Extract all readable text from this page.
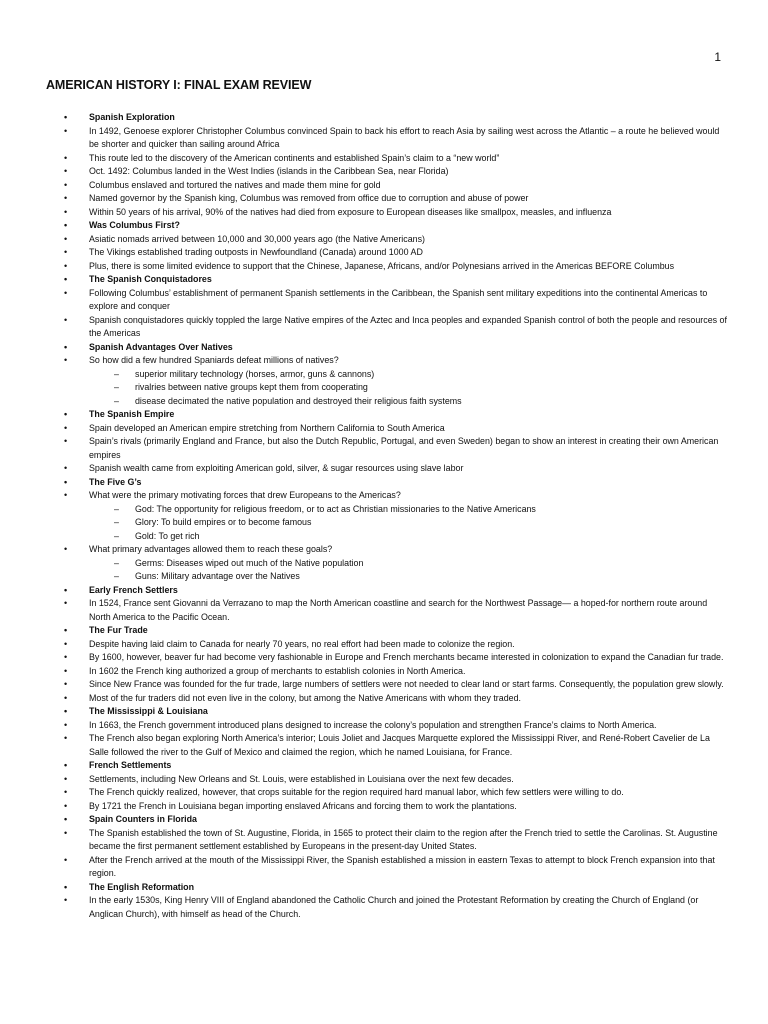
1
AMERICAN HISTORY I: FINAL EXAM REVIEW
• Spanish Exploration
• In 1492, Genoese explorer Christopher Columbus convinced Spain to back his effort to reach Asia by sailing west across the Atlantic – a route he believed would be shorter and quicker than sailing around Africa
• This route led to the discovery of the American continents and established Spain’s claim to a “new world”
• Oct. 1492: Columbus landed in the West Indies (islands in the Caribbean Sea, near Florida)
• Columbus enslaved and tortured the natives and made them mine for gold
• Named governor by the Spanish king, Columbus was removed from office due to corruption and abuse of power
• Within 50 years of his arrival, 90% of the natives had died from exposure to European diseases like smallpox, measles, and influenza
• Was Columbus First?
• Asiatic nomads arrived between 10,000 and 30,000 years ago (the Native Americans)
• The Vikings established trading outposts in Newfoundland (Canada) around 1000 AD
• Plus, there is some limited evidence to support that the Chinese, Japanese, Africans, and/or Polynesians arrived in the Americas BEFORE Columbus
• The Spanish Conquistadores
• Following Columbus’ establishment of permanent Spanish settlements in the Caribbean, the Spanish sent military expeditions into the continental Americas to explore and conquer
• Spanish conquistadores quickly toppled the large Native empires of the Aztec and Inca peoples and expanded Spanish control of both the people and resources of the Americas
• Spanish Advantages Over Natives
• So how did a few hundred Spaniards defeat millions of natives?
– superior military technology (horses, armor, guns & cannons)
– rivalries between native groups kept them from cooperating
– disease decimated the native population and destroyed their religious faith systems
• The Spanish Empire
• Spain developed an American empire stretching from Northern California to South America
• Spain’s rivals (primarily England and France, but also the Dutch Republic, Portugal, and even Sweden) began to show an interest in creating their own American empires
• Spanish wealth came from exploiting American gold, silver, & sugar resources using slave labor
• The Five G’s
• What were the primary motivating forces that drew Europeans to the Americas?
– God: The opportunity for religious freedom, or to act as Christian missionaries to the Native Americans
– Glory: To build empires or to become famous
– Gold: To get rich
• What primary advantages allowed them to reach these goals?
– Germs: Diseases wiped out much of the Native population
– Guns: Military advantage over the Natives
• Early French Settlers
• In 1524, France sent Giovanni da Verrazano to map the North American coastline and search for the Northwest Passage— a hoped-for northern route around North America to the Pacific Ocean.
• The Fur Trade
• Despite having laid claim to Canada for nearly 70 years, no real effort had been made to colonize the region.
• By 1600, however, beaver fur had become very fashionable in Europe and French merchants became interested in colonization to expand the Canadian fur trade.
• In 1602 the French king authorized a group of merchants to establish colonies in North America.
• Since New France was founded for the fur trade, large numbers of settlers were not needed to clear land or start farms. Consequently, the population grew slowly.
• Most of the fur traders did not even live in the colony, but among the Native Americans with whom they traded.
• The Mississippi & Louisiana
• In 1663, the French government introduced plans designed to increase the colony’s population and strengthen France’s claims to North America.
• The French also began exploring North America’s interior; Louis Joliet and Jacques Marquette explored the Mississippi River, and René-Robert Cavelier de La Salle followed the river to the Gulf of Mexico and claimed the region, which he named Louisiana, for France.
• French Settlements
• Settlements, including New Orleans and St. Louis, were established in Louisiana over the next few decades.
• The French quickly realized, however, that crops suitable for the region required hard manual labor, which few settlers were willing to do.
• By 1721 the French in Louisiana began importing enslaved Africans and forcing them to work the plantations.
• Spain Counters in Florida
• The Spanish established the town of St. Augustine, Florida, in 1565 to protect their claim to the region after the French tried to settle the Carolinas. St. Augustine became the first permanent settlement established by Europeans in the present-day United States.
• After the French arrived at the mouth of the Mississippi River, the Spanish established a mission in eastern Texas to attempt to block French expansion into that region.
• The English Reformation
• In the early 1530s, King Henry VIII of England abandoned the Catholic Church and joined the Protestant Reformation by creating the Church of England (or Anglican Church), with himself as head of the Church.
